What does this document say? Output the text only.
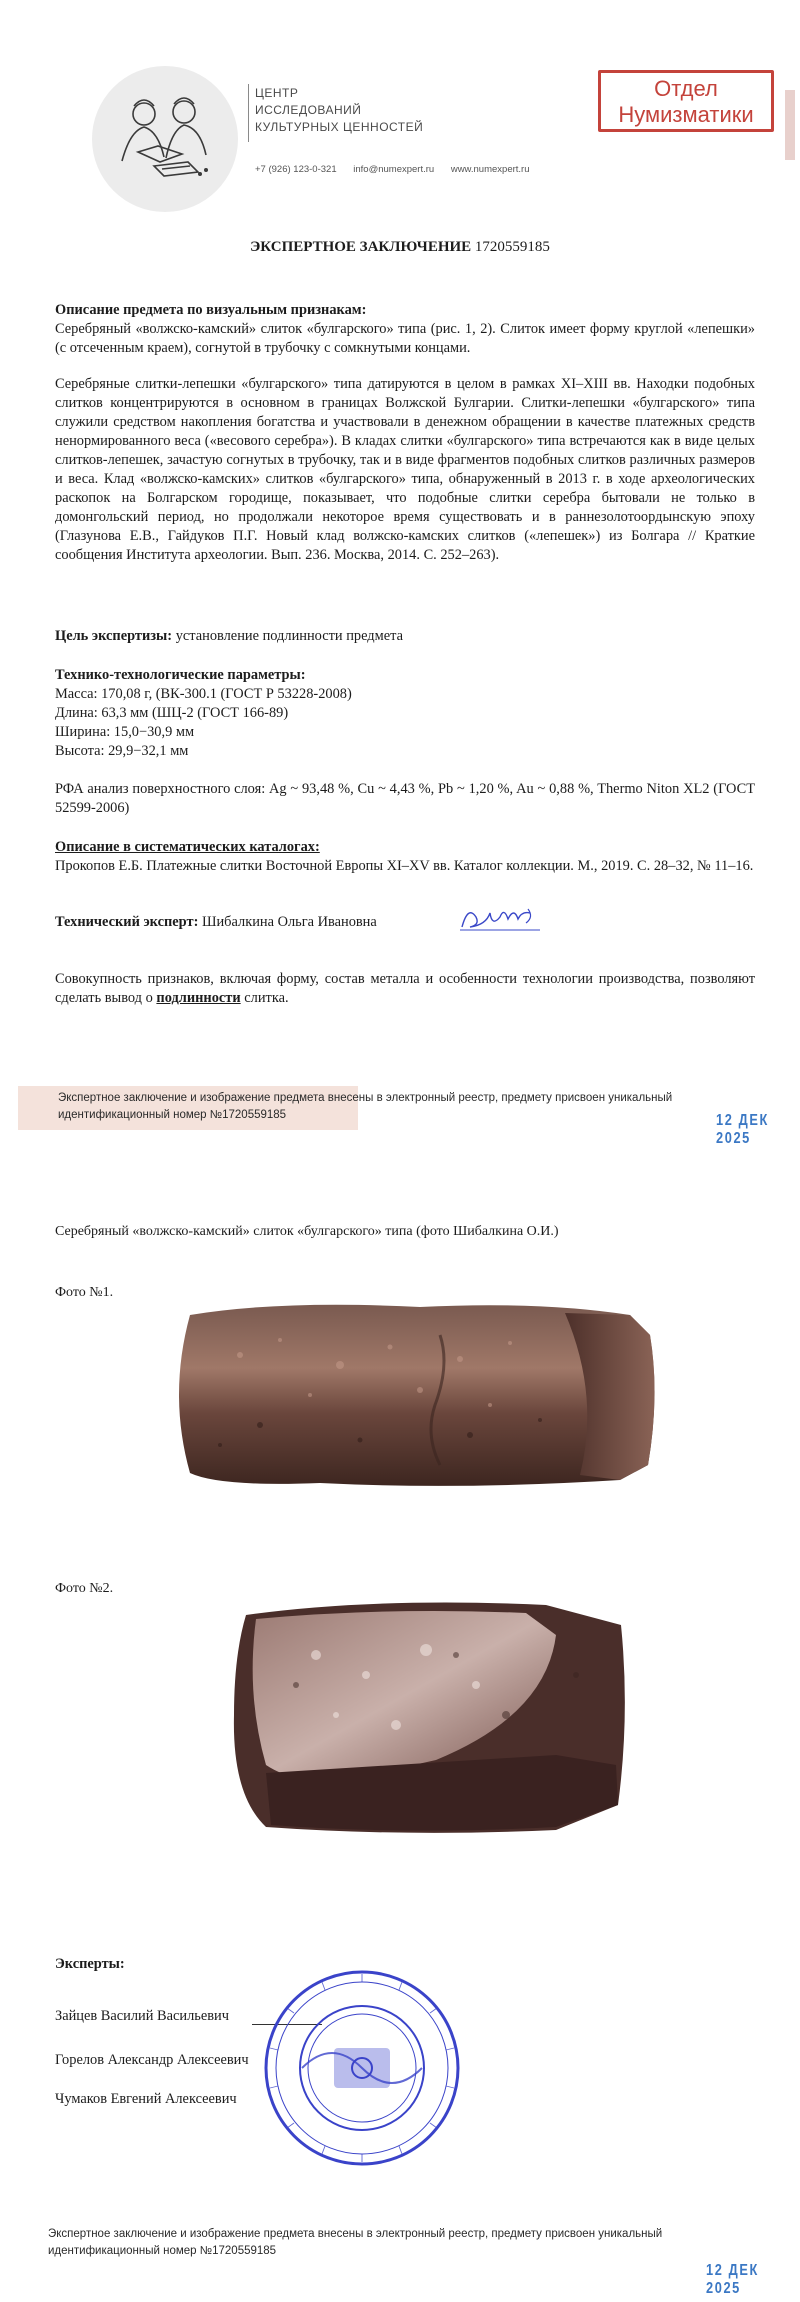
ЦЕНТР
ИССЛЕДОВАНИЙ
КУЛЬТУРНЫХ ЦЕННОСТЕЙ
+7 (926) 123-0-321 info@numexpert.ru www.numexpert.ru
Отдел
Нумизматики
ЭКСПЕРТНОЕ ЗАКЛЮЧЕНИЕ 1720559185
Описание предмета по визуальным признакам:
Серебряный «волжско-камский» слиток «булгарского» типа (рис. 1, 2). Слиток имеет форму круглой «лепешки» (с отсеченным краем), согнутой в трубочку с сомкнутыми концами.
Серебряные слитки-лепешки «булгарского» типа датируются в целом в рамках XI–XIII вв. Находки подобных слитков концентрируются в основном в границах Волжской Булгарии. Слитки-лепешки «булгарского» типа служили средством накопления богатства и участвовали в денежном обращении в качестве платежных средств ненормированного веса («весового серебра»). В кладах слитки «булгарского» типа встречаются как в виде целых слитков-лепешек, зачастую согнутых в трубочку, так и в виде фрагментов подобных слитков различных размеров и веса. Клад «волжско-камских» слитков «булгарского» типа, обнаруженный в 2013 г. в ходе археологических раскопок на Болгарском городище, показывает, что подобные слитки серебра бытовали не только в домонгольский период, но продолжали некоторое время существовать и в раннезолотоордынскую эпоху (Глазунова Е.В., Гайдуков П.Г. Новый клад волжско-камских слитков («лепешек») из Болгара // Краткие сообщения Института археологии. Вып. 236. Москва, 2014. С. 252–263).
Цель экспертизы: установление подлинности предмета
Технико-технологические параметры:
Масса: 170,08 г, (ВК-300.1 (ГОСТ Р 53228-2008)
Длина: 63,3 мм (ШЦ-2 (ГОСТ 166-89)
Ширина: 15,0−30,9 мм
Высота: 29,9−32,1 мм
РФА анализ поверхностного слоя: Ag ~ 93,48 %, Cu ~ 4,43 %, Pb ~ 1,20 %, Au ~ 0,88 %, Thermo Niton XL2 (ГОСТ 52599-2006)
Описание в систематических каталогах:
Прокопов Е.Б. Платежные слитки Восточной Европы XI–XV вв. Каталог коллекции. М., 2019. С. 28–32, № 11–16.
Технический эксперт: Шибалкина Ольга Ивановна
Совокупность признаков, включая форму, состав металла и особенности технологии производства, позволяют сделать вывод о подлинности слитка.
Экспертное заключение и изображение предмета внесены в электронный реестр, предмету присвоен уникальный идентификационный номер №1720559185	12 ДЕК 2025
Серебряный «волжско-камский» слиток «булгарского» типа (фото Шибалкина О.И.)
Фото №1.
Фото №2.
Эксперты:
Зайцев Василий Васильевич
Горелов Александр Алексеевич
Чумаков Евгений Алексеевич
Экспертное заключение и изображение предмета внесены в электронный реестр, предмету присвоен уникальный идентификационный номер №1720559185
12 ДЕК 2025
